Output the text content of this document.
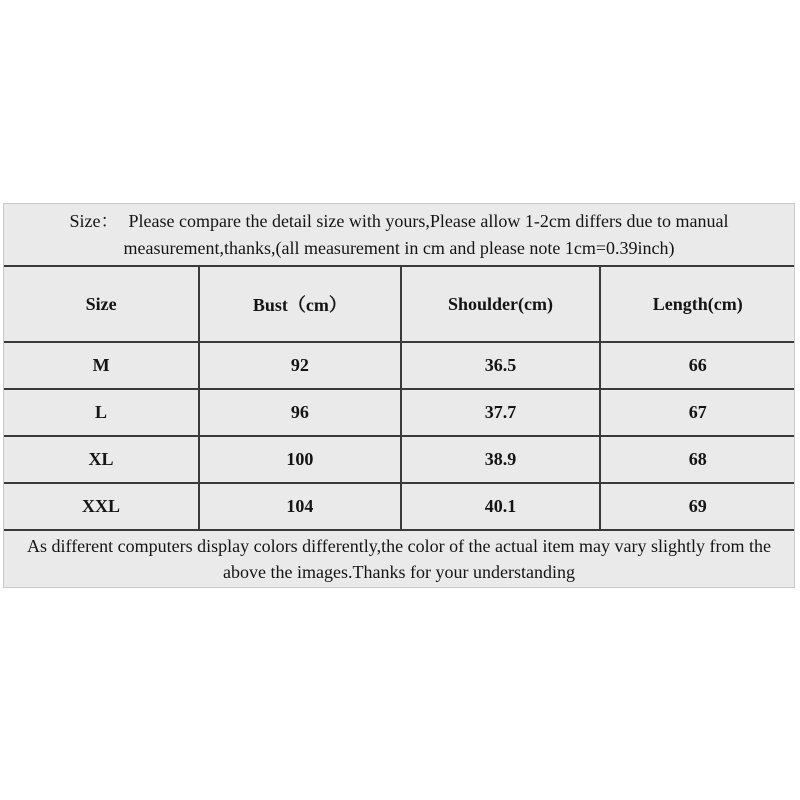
Size： Please compare the detail size with yours,Please allow 1-2cm differs due to manual measurement,thanks,(all measurement in cm and please note 1cm=0.39inch)
Size	Bust（cm）	Shoulder(cm)	Length(cm)
M	92	36.5	66
L	96	37.7	67
XL	100	38.9	68
XXL	104	40.1	69
As different computers display colors differently,the color of the actual item may vary slightly from the above the images.Thanks for your understanding
